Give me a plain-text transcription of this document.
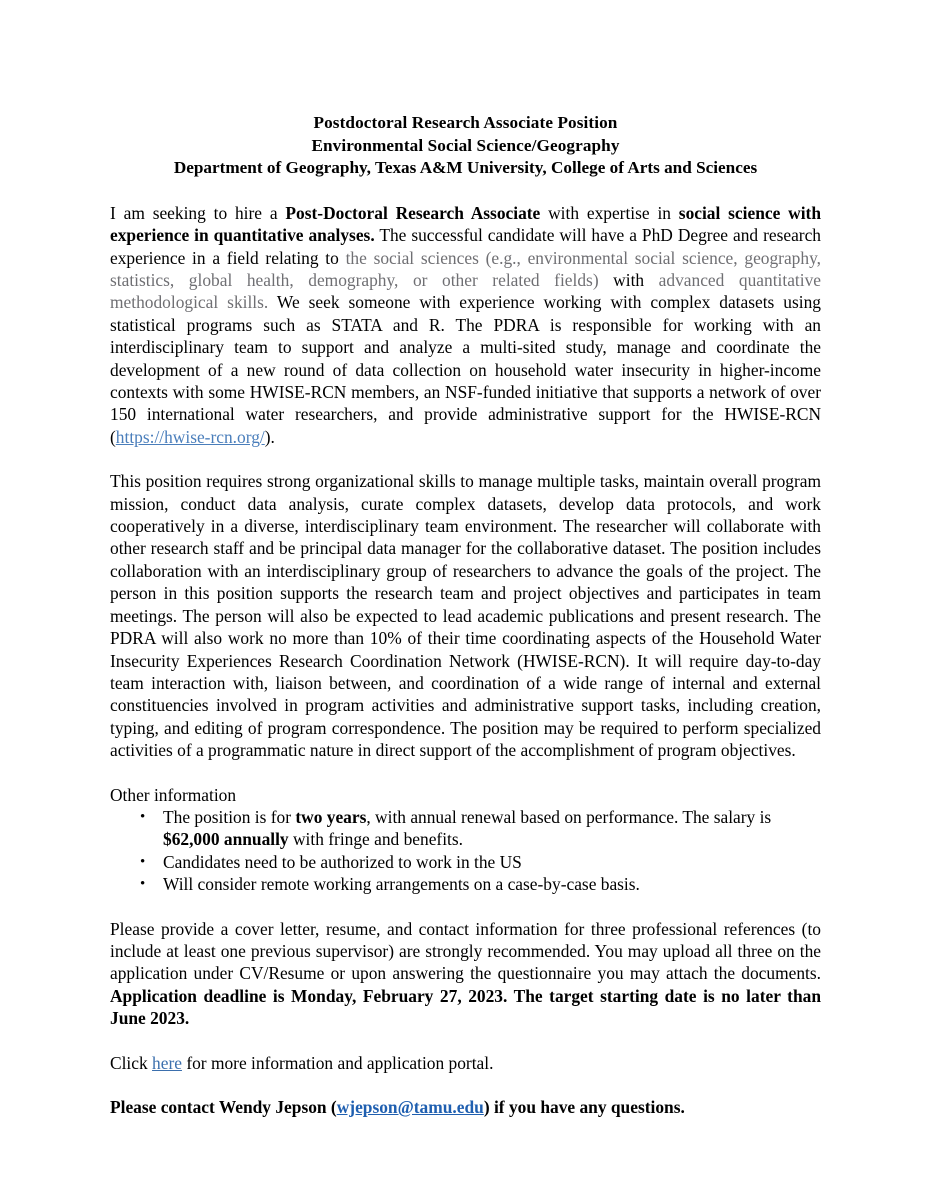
Postdoctoral Research Associate Position
Environmental Social Science/Geography
Department of Geography, Texas A&M University, College of Arts and Sciences

I am seeking to hire a Post-Doctoral Research Associate with expertise in social science with experience in quantitative analyses. The successful candidate will have a PhD Degree and research experience in a field relating to the social sciences (e.g., environmental social science, geography, statistics, global health, demography, or other related fields) with advanced quantitative methodological skills. We seek someone with experience working with complex datasets using statistical programs such as STATA and R. The PDRA is responsible for working with an interdisciplinary team to support and analyze a multi-sited study, manage and coordinate the development of a new round of data collection on household water insecurity in higher-income contexts with some HWISE-RCN members, an NSF-funded initiative that supports a network of over 150 international water researchers, and provide administrative support for the HWISE-RCN (https://hwise-rcn.org/).

This position requires strong organizational skills to manage multiple tasks, maintain overall program mission, conduct data analysis, curate complex datasets, develop data protocols, and work cooperatively in a diverse, interdisciplinary team environment. The researcher will collaborate with other research staff and be principal data manager for the collaborative dataset. The position includes collaboration with an interdisciplinary group of researchers to advance the goals of the project. The person in this position supports the research team and project objectives and participates in team meetings. The person will also be expected to lead academic publications and present research. The PDRA will also work no more than 10% of their time coordinating aspects of the Household Water Insecurity Experiences Research Coordination Network (HWISE-RCN). It will require day-to-day team interaction with, liaison between, and coordination of a wide range of internal and external constituencies involved in program activities and administrative support tasks, including creation, typing, and editing of program correspondence. The position may be required to perform specialized activities of a programmatic nature in direct support of the accomplishment of program objectives.

Other information

• The position is for two years, with annual renewal based on performance. The salary is $62,000 annually with fringe and benefits.
• Candidates need to be authorized to work in the US
• Will consider remote working arrangements on a case-by-case basis.

Please provide a cover letter, resume, and contact information for three professional references (to include at least one previous supervisor) are strongly recommended. You may upload all three on the application under CV/Resume or upon answering the questionnaire you may attach the documents. Application deadline is Monday, February 27, 2023. The target starting date is no later than June 2023.

Click here for more information and application portal.

Please contact Wendy Jepson (wjepson@tamu.edu) if you have any questions.
